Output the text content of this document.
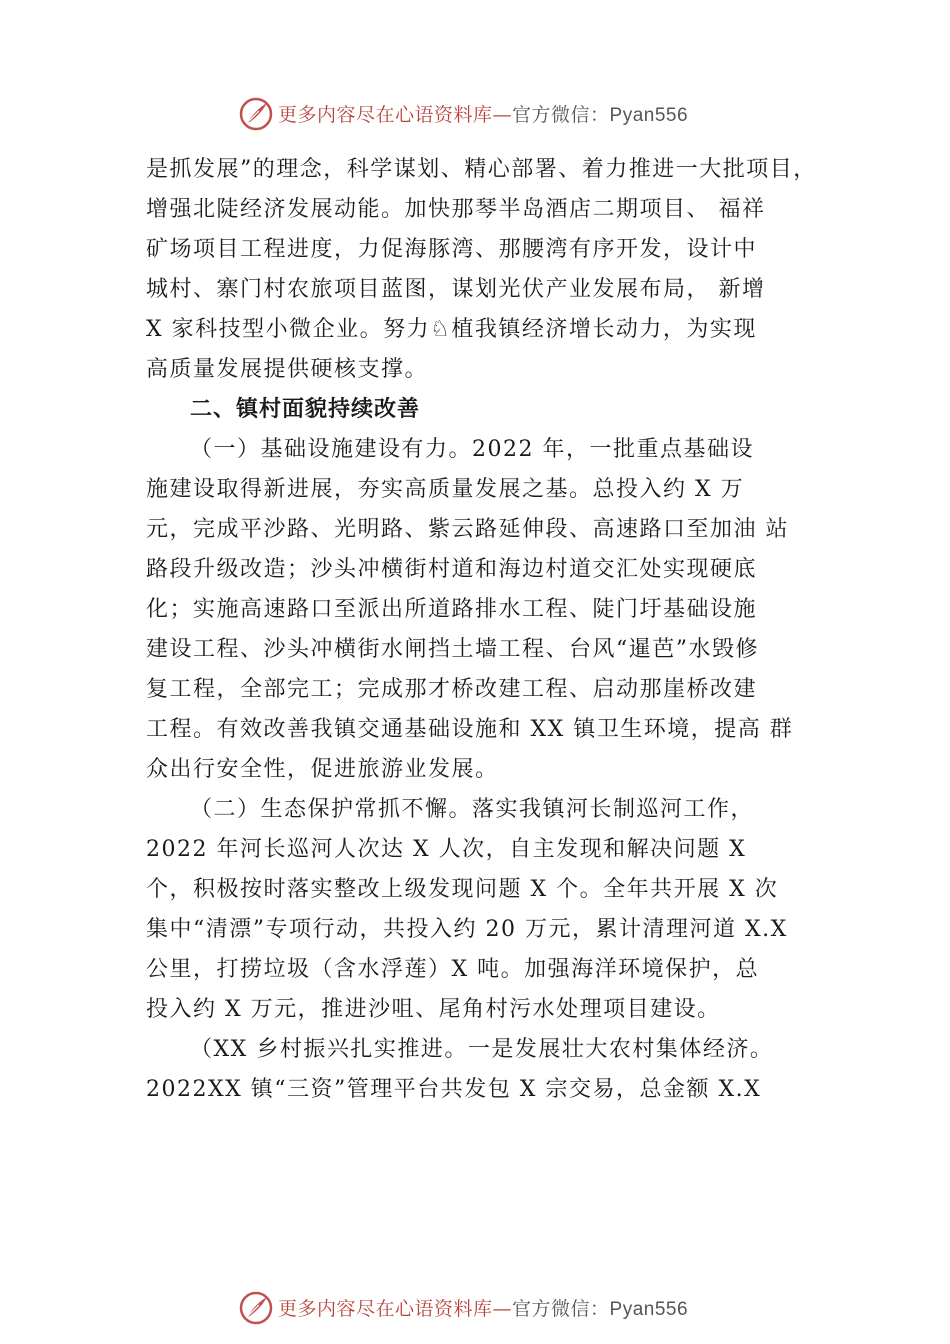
更多内容尽在心语资料库—官方微信：Pyan556
是抓发展”的理念，科学谋划、精心部署、着力推进一大批项目，
增强北陡经济发展动能。加快那琴半岛酒店二期项目、 福祥
矿场项目工程进度，力促海豚湾、那腰湾有序开发，设计中
城村、寨门村农旅项目蓝图，谋划光伏产业发展布局， 新增
X 家科技型小微企业。努力♘植我镇经济增长动力，为实现
高质量发展提供硬核支撑。
二、镇村面貌持续改善
（一）基础设施建设有力。2022 年，一批重点基础设
施建设取得新进展，夯实高质量发展之基。总投入约 X 万
元，完成平沙路、光明路、紫云路延伸段、高速路口至加油 站
路段升级改造；沙头冲横街村道和海边村道交汇处实现硬底
化；实施高速路口至派出所道路排水工程、陡门圩基础设施
建设工程、沙头冲横街水闸挡土墙工程、台风“暹芭”水毁修
复工程，全部完工；完成那才桥改建工程、启动那崖桥改建
工程。有效改善我镇交通基础设施和 XX 镇卫生环境，提高 群
众出行安全性，促进旅游业发展。
（二）生态保护常抓不懈。落实我镇河长制巡河工作，
2022 年河长巡河人次达 X 人次，自主发现和解决问题 X
个，积极按时落实整改上级发现问题 X 个。全年共开展 X 次
集中“清漂”专项行动，共投入约 20 万元，累计清理河道 X.X
公里，打捞垃圾（含水浮莲）X 吨。加强海洋环境保护，总
投入约 X 万元，推进沙咀、尾角村污水处理项目建设。
（XX 乡村振兴扎实推进。一是发展壮大农村集体经济。
2022XX 镇“三资”管理平台共发包 X 宗交易，总金额 X.X
更多内容尽在心语资料库—官方微信：Pyan556
